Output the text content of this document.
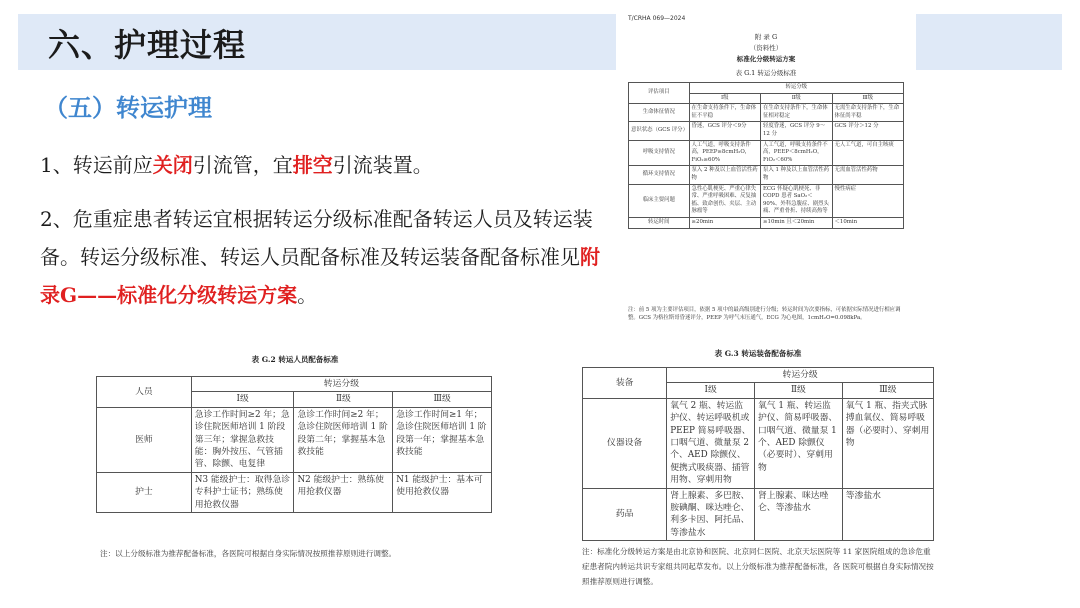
六、护理过程
（五）转运护理
1、转运前应关闭引流管，宜排空引流装置。
2、危重症患者转运宜根据转运分级标准配备转运人员及转运装备。转运分级标准、转运人员配备标准及转运装备配备标准见附录G——标准化分级转运方案。
T/CRHA 069—2024
附 录 G
（资料性）
标准化分级转运方案
表 G.1 转运分级标准
评估项目	转运分级		
	Ⅰ级	Ⅱ级	Ⅲ级
生命体征情况	在生命支持条件下，生命体征不平稳	在生命支持条件下，生命体征相对稳定	无需生命支持条件下，生命体征尚平稳
意识状态（GCS 评分）	昏迷，GCS 评分＜9分	轻度昏迷，GCS 评分 9～12 分	GCS 评分＞12 分
呼吸支持情况	人工气道，呼吸支持条件高，PEEP≥8cmH₂O，FiO₂≥60%	人工气道，呼吸支持条件不高，PEEP＜8cmH₂O，FiO₂＜60%	无人工气道，可自主咳痰
循环支持情况	泵入 2 种及以上血管活性药物	泵入 1 种及以上血管活性药物	无需血管活性药物
临床主要问题	急性心肌梗死、严重心律失常、严重呼吸困难、反复抽搐、致命创伤、夹层、主动脉瘤等	ECG 怀疑心肌梗死、非 COPD 患者 SaO₂＜90%、外科急腹症、剧烈头痛、严重骨折、持续高热等	慢性病症
转运时间	≥20min	≥10min 且＜20min	＜10min
注：前 5 项为主要评估项目，依据 5 项中的最高级别进行分级；转运时间为次要指标，可依据实际情况进行相应调整。GCS 为格拉斯哥昏迷评分，PEEP 为呼气末压通气，ECG 为心电图，1cmH₂O=0.098kPa。
表 G.2 转运人员配备标准
人员	转运分级		
	Ⅰ级	Ⅱ级	Ⅲ级
医师	急诊工作时间≥2 年；急诊住院医师培训 1 阶段第三年；掌握急救技能：胸外按压、气管插管、除颤、电复律	急诊工作时间≥2 年；急诊住院医师培训 1 阶段第二年；掌握基本急救技能	急诊工作时间≥1 年；急诊住院医师培训 1 阶段第一年；掌握基本急救技能
护士	N3 能级护士：取得急诊专科护士证书；熟练使用抢救仪器	N2 能级护士：熟练使用抢救仪器	N1 能级护士：基本可使用抢救仪器
注：以上分级标准为推荐配备标准，各医院可根据自身实际情况按照推荐原则进行调整。
表 G.3 转运装备配备标准
装备	转运分级		
	Ⅰ级	Ⅱ级	Ⅲ级
仪器设备	氧气 2 瓶、转运监护仪、转运呼吸机或 PEEP 简易呼吸器、口咽气道、微量泵 2 个、AED 除颤仪、便携式吸痰器、插管用物、穿刺用物	氧气 1 瓶、转运监护仪、简易呼吸器、口咽气道、微量泵 1 个、AED 除颤仪（必要时）、穿刺用物	氧气 1 瓶、指夹式脉搏血氧仪、简易呼吸器（必要时）、穿刺用物
药品	肾上腺素、多巴胺、胺碘酮、咪达唑仑、利多卡因、阿托品、等渗盐水	肾上腺素、咪达唑仑、等渗盐水	等渗盐水
注：标准化分级转运方案是由北京协和医院、北京同仁医院、北京天坛医院等 11 家医院组成的急诊危重症患者院内转运共识专家组共同起草发布。以上分级标准为推荐配备标准，各 医院可根据自身实际情况按照推荐原则进行调整。
